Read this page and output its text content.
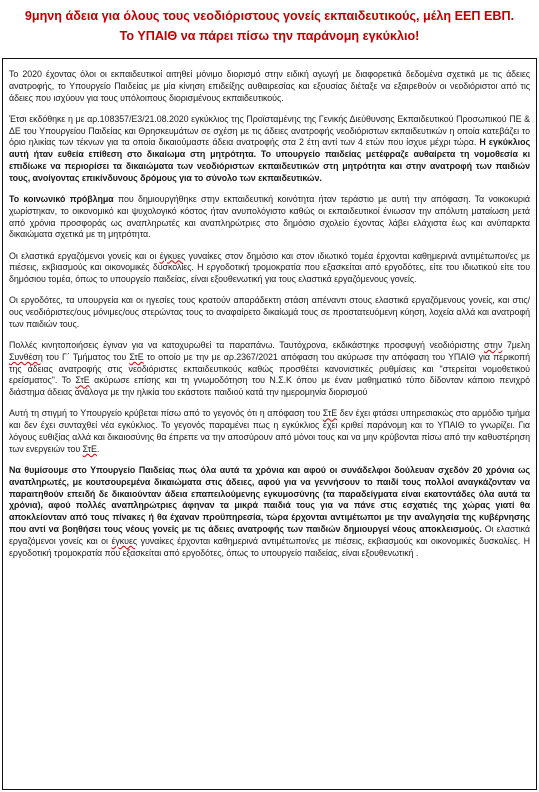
9μηνη άδεια για όλους τους νεοδιόριστους γονείς εκπαιδευτικούς, μέλη ΕΕΠ ΕΒΠ.
Το ΥΠΑΙΘ να πάρει πίσω την παράνομη εγκύκλιο!

Το 2020 έχοντας όλοι οι εκπαιδευτικοί αιτηθεί μόνιμο διορισμό στην ειδική αγωγή με διαφορετικά δεδομένα σχετικά με τις άδειες ανατροφής, το Υπουργείο Παιδείας με μία κίνηση επιδείξης αυθαιρεσίας και εξουσίας διέταξε να εξαιρεθούν οι νεοδιόριστοι από τις άδειες που ισχύουν για τους υπόλοιπους διορισμένους εκπαιδευτικούς.

Έτσι εκδόθηκε η με αρ.108357/Ε3/21.08.2020 εγκύκλιος της Προϊσταμένης της Γενικής Διεύθυνσης Εκπαιδευτικού Προσωπικού ΠΕ & ΔΕ του Υπουργείου Παιδείας και Θρησκευμάτων σε σχέση με τις άδειες ανατροφής νεοδιόριστων εκπαιδευτικών η οποία κατεβάζει το όριο ηλικίας των τέκνων για τα οποία δικαιούμαστε άδεια ανατροφής στα 2 έτη αντί των 4 ετών που ίσχυε μέχρι τώρα. Η εγκύκλιος αυτή ήταν ευθεία επίθεση στο δικαίωμα στη μητρότητα. Το υπουργείο παιδείας μετέφραζε αυθαίρετα τη νομοθεσία κι επιδίωκε να περιορίσει τα δικαιώματα των νεοδιόριστων εκπαιδευτικών στη μητρότητα και στην ανατροφή των παιδιών τους, ανοίγοντας επικίνδυνους δρόμους για το σύνολο των εκπαιδευτικών.

Το κοινωνικό πρόβλημα που δημιουργήθηκε στην εκπαιδευτική κοινότητα ήταν τεράστιο με αυτή την απόφαση. Τα νοικοκυριά χωρίστηκαν, το οικονομικό και ψυχολογικό κόστος ήταν ανυπολόγιστο καθώς οι εκπαιδευτικοί ένιωσαν την απόλυτη ματαίωση μετά από χρόνια προσφοράς ως αναπληρωτές και αναπληρώτριες στο δημόσιο σχολείο έχοντας λάβει ελάχιστα έως και ανύπαρκτα δικαιώματα σχετικά με τη μητρότητα.

Οι ελαστικά εργαζόμενοι γονείς και οι έγκυες γυναίκες στον δημόσιο και στον ιδιωτικό τομέα έρχονται καθημερινά αντιμέτωποι/ες με πιέσεις, εκβιασμούς και οικονομικές δυσκολίες. Η εργοδοτική τρομοκρατία που εξασκείται από εργοδότες, είτε του ιδιωτικού είτε του δημόσιου τομέα, όπως το υπουργείο παιδείας, είναι εξουθενωτική για τους ελαστικά εργαζόμενους γονείς.

Οι εργοδότες, τα υπουργεία και οι ηγεσίες τους κρατούν απαράδεκτη στάση απέναντι στους ελαστικά εργαζόμενους γονείς, και στις/ους νεοδιόριστες/ους μόνιμες/ους στερώντας τους το αναφαίρετο δικαίωμά τους σε προστατευόμενη κύηση, λοχεία αλλά και ανατροφή των παιδιών τους.

Πολλές κινητοποιήσεις έγιναν για να κατοχυρωθεί τα παραπάνω. Ταυτόχρονα, εκδικάστηκε προσφυγή νεοδιόριστης στην 7μελη Συνθέση του Γ΄ Τμήματος του ΣτΕ το οποίο με την με αρ.2367/2021 απόφαση του ακύρωσε την απόφαση του ΥΠΑΙΘ για περικοπή της άδειας ανατροφής στις νεοδιόριστες εκπαιδευτικούς καθώς προσθέτει κανονιστικές ρυθμίσεις και "στερείται νομοθετικού ερείσματος". Το ΣτΕ ακύρωσε επίσης και τη γνωμοδότηση του Ν.Σ.Κ όπου με έναν μαθηματικό τύπο δίδονταν κάποιο πενιχρό διάστημα άδειας ανάλογα με την ηλικία του εκάστοτε παιδιού κατά την ημερομηνία διορισμού

Αυτή τη στιγμή το Υπουργείο κρύβεται πίσω από το γεγονός ότι η απόφαση του ΣτΕ δεν έχει φτάσει υπηρεσιακώς στο αρμόδιο τμήμα και δεν έχει συνταχθεί νέα εγκύκλιος. Το γεγονός παραμένει πως η εγκύκλιος έχει κριθεί παράνομη και το ΥΠΑΙΘ το γνωρίζει. Για λόγους ευθιξίας αλλά και δικαιοσύνης θα έπρεπε να την αποσύρουν από μόνοι τους και να μην κρύβονται πίσω από την καθυστέρηση των ενεργειών του ΣτΕ.

Να θυμίσουμε στο Υπουργείο Παιδείας πως όλα αυτά τα χρόνια και αφού οι συνάδελφοι δούλευαν σχεδόν 20 χρόνια ως αναπληρωτές, με κουτσουρεμένα δικαιώματα στις άδειες, αφού για να γεννήσουν το παιδί τους πολλοί αναγκάζονταν να παραιτηθούν επειδή δε δικαιούνταν άδεια επαπειλούμενης εγκυμοσύνης (τα παραδείγματα είναι εκατοντάδες όλα αυτά τα χρόνια), αφού πολλές αναπληρώτριες άφηναν τα μικρά παιδιά τους για να πάνε στις εσχατιές της χώρας γιατί θα αποκλείονταν από τους πίνακες ή θα έχαναν προϋπηρεσία, τώρα έρχονται αντιμέτωποι με την αναλγησία της κυβέρνησης που αντί να βοηθήσει τους νέους γονείς με τις άδειες ανατροφής των παιδιών δημιουργεί νέους αποκλεισμούς. Οι ελαστικά εργαζόμενοι γονείς και οι έγκυες γυναίκες έρχονται καθημερινά αντιμέτωποι/ες με πιέσεις, εκβιασμούς και οικονομικές δυσκολίες. Η εργοδοτική τρομοκρατία που εξασκείται από εργοδότες, όπως το υπουργείο παιδείας, είναι εξουθενωτική .
